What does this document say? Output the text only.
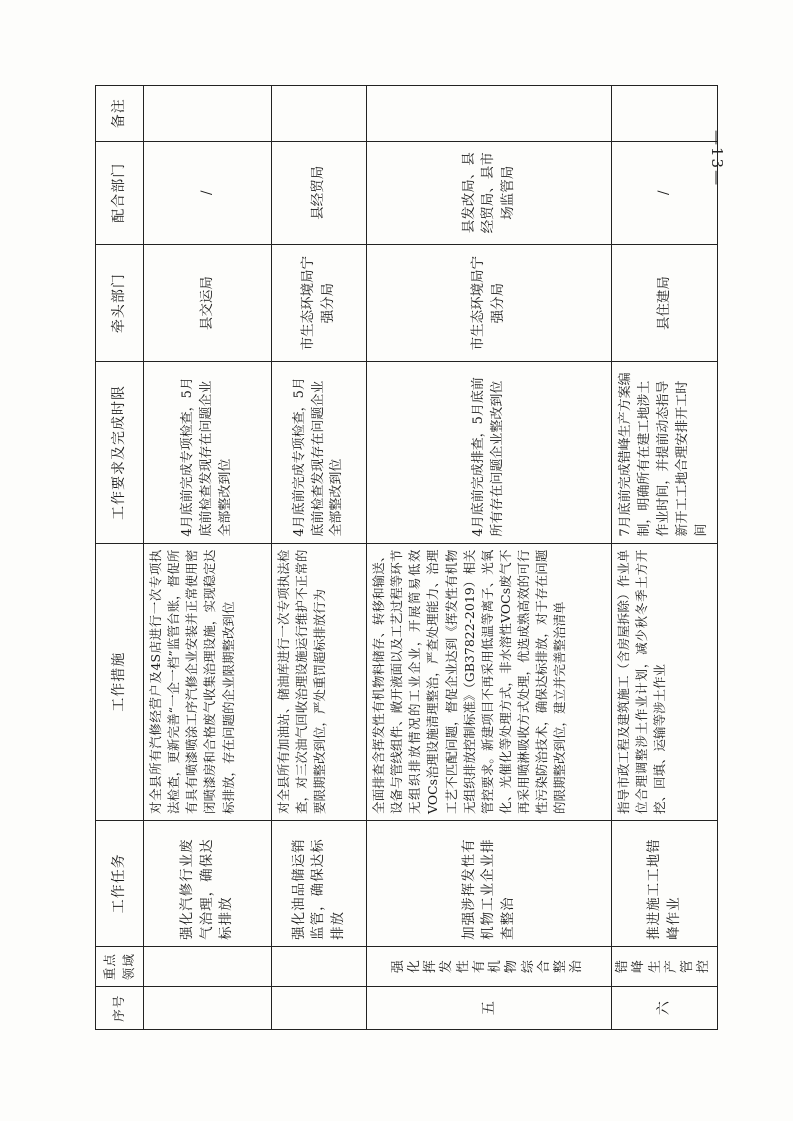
序号	重点领域	工作任务	工作措施	工作要求及完成时限	牵头部门	配合部门	备注
		强化汽修行业废气治理，确保达标排放	对全县所有汽修经营户及4S店进行一次专项执法检查，更新完善“一企一档”监管台账，督促所有具有喷漆喷涂工序汽修企业安装并正常使用密闭喷漆房和合格废气收集治理设施，实现稳定达标排放，存在问题的企业限期整改到位	4月底前完成专项检查，5月底前检查发现存在问题企业全部整改到位	县交运局	/	
		强化油品储运销监管，确保达标排放	对全县所有加油站、储油库进行一次专项执法检查，对三次油气回收治理设施运行维护不正常的要限期整改到位，严处重罚超标排放行为	4月底前完成专项检查，5月底前检查发现存在问题企业全部整改到位	市生态环境局宁强分局	县经贸局	
五	强化挥发性有机物综合整治	加强涉挥发性有机物工业企业排查整治	全面排查含挥发性有机物料储存、转移和输送、设备与管线组件、敞开液面以及工艺过程等环节无组织排放情况的工业企业，开展简易低效VOCs治理设施清理整治，严查处理能力、治理工艺不匹配问题，督促企业达到《挥发性有机物无组织排放控制标准》（GB37822-2019）相关管控要求。新建项目不再采用低温等离子、光氧化、光催化等处理方式，非水溶性VOCs废气不再采用喷淋吸收方式处理，优选成熟高效的可行性污染防治技术，确保达标排放，对于存在问题的限期整改到位，建立并完善整治清单	4月底前完成排查，5月底前所有存在问题企业整改到位	市生态环境局宁强分局	县发改局、县经贸局、县市场监管局	
六	错峰生产管控	推进施工工地错峰作业	指导市政工程及建筑施工（含房屋拆除）作业单位合理调整涉土作业计划，减少秋冬季土方开挖、回填、运输等涉土作业	7月底前完成错峰生产方案编制，明确所有在建工地涉土作业时间，并提前动态指导新开工工地合理安排开工时间	县住建局	/	
—13—
